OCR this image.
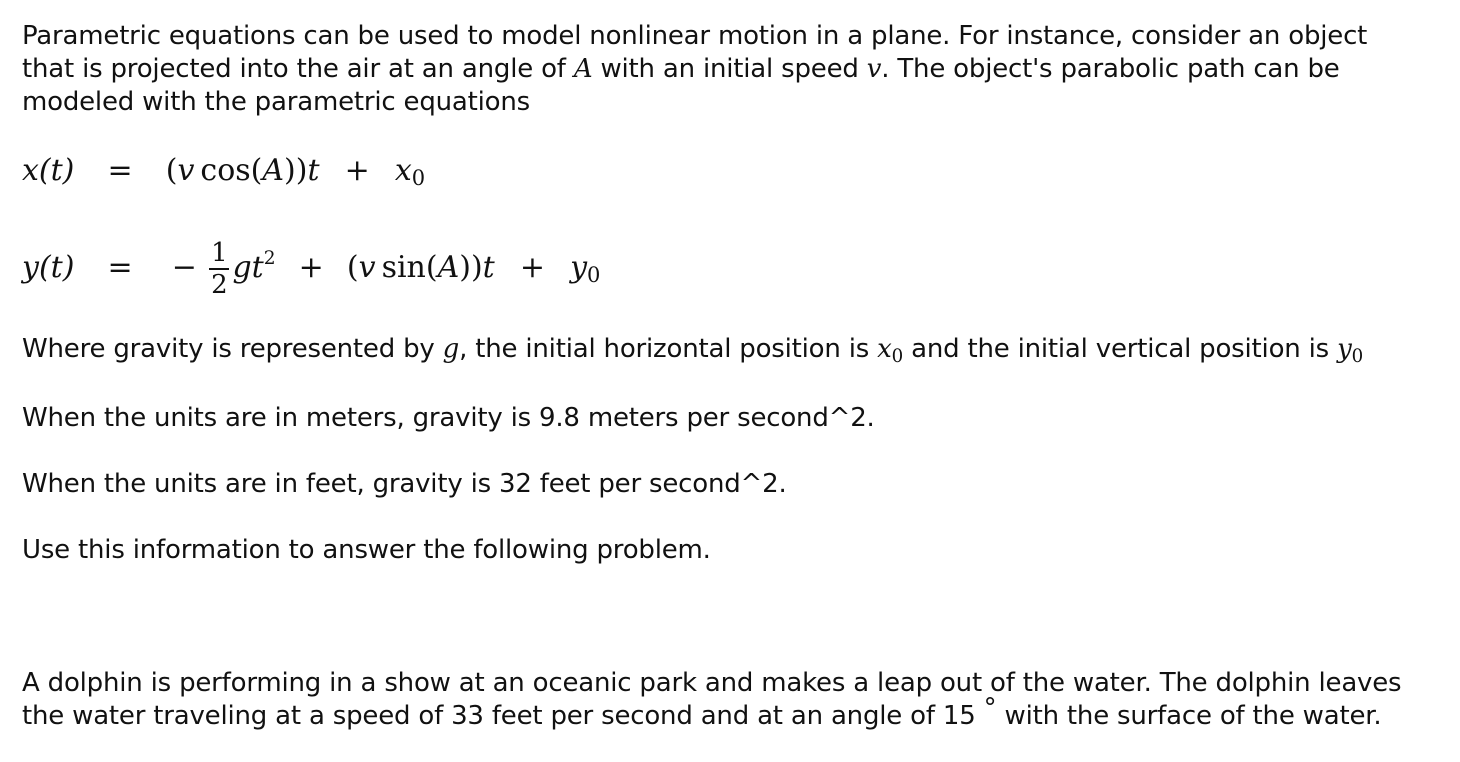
Parametric equations can be used to model nonlinear motion in a plane. For instance, consider an object that is projected into the air at an angle of A with an initial speed v. The object's parabolic path can be modeled with the parametric equations

x(t) = (v cos(A))t + x0
y(t) = − $\frac{1}{2} gt^2 + (v$ sin(A))t + y0

Where gravity is represented by g, the initial horizontal position is x0 and the initial vertical position is y0

When the units are in meters, gravity is 9.8 meters per second^2.

When the units are in feet, gravity is 32 feet per second^2.

Use this information to answer the following problem.

A dolphin is performing in a show at an oceanic park and makes a leap out of the water. The dolphin leaves the water traveling at a speed of 33 feet per second and at an angle of 15 ° with the surface of the water.
